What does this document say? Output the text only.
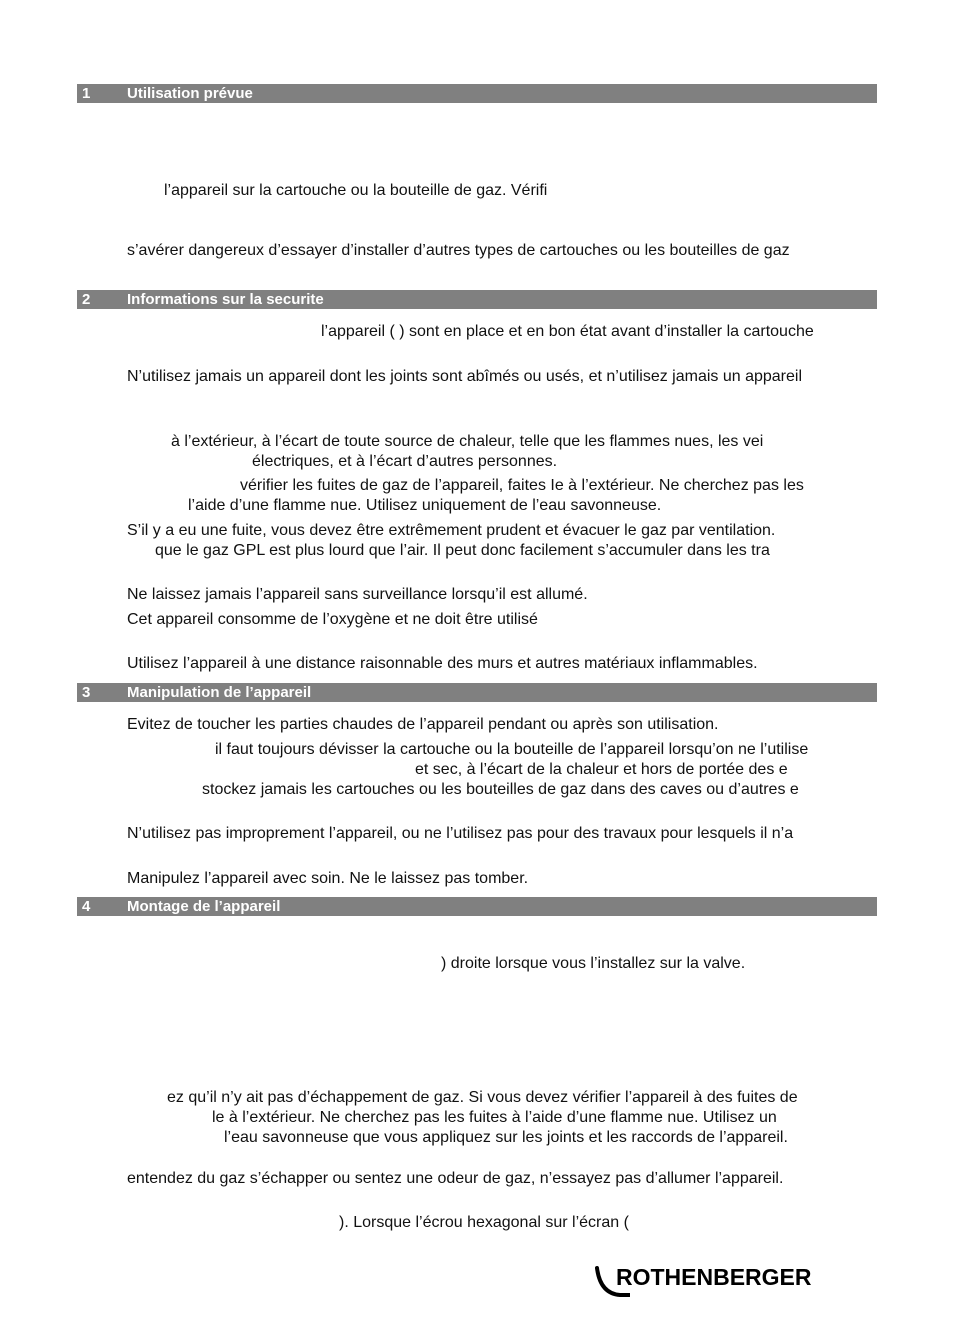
1 Utilisation prévue
2 Informations sur la securite
3 Manipulation de l’appareil
4 Montage de l’appareil
l’appareil sur la cartouche ou la bouteille de gaz. Vérifi
s’avérer dangereux d’essayer d’installer d’autres types de cartouches ou les bouteilles de gaz
l’appareil ( ) sont en place et en bon état avant d’installer la cartouche
N’utilisez jamais un appareil dont les joints sont abîmés ou usés, et n’utilisez jamais un appareil
à l’extérieur, à l’écart de toute source de chaleur, telle que les flammes nues, les vei
électriques, et à l’écart d’autres personnes.
vérifier les fuites de gaz de l’appareil, faites Ie à l’extérieur. Ne cherchez pas les
l’aide d’une flamme nue. Utilisez uniquement de l’eau savonneuse.
S’il y a eu une fuite, vous devez être extrêmement prudent et évacuer le gaz par ventilation.
que le gaz GPL est plus lourd que l’air. Il peut donc facilement s’accumuler dans les tra
Ne laissez jamais l’appareil sans surveillance lorsqu’il est allumé.
Cet appareil consomme de l’oxygène et ne doit être utilisé
Utilisez l’appareil à une distance raisonnable des murs et autres matériaux inflammables.
Evitez de toucher les parties chaudes de l’appareil pendant ou après son utilisation.
il faut toujours dévisser la cartouche ou la bouteille de l’appareil lorsqu’on ne l’utilise
et sec, à l’écart de la chaleur et hors de portée des e
stockez jamais les cartouches ou les bouteilles de gaz dans des caves ou d’autres e
N’utilisez pas improprement l’appareil, ou ne l’utilisez pas pour des travaux pour lesquels il n’a
Manipulez l’appareil avec soin. Ne le laissez pas tomber.
) droite lorsque vous l’installez sur la valve.
ez qu’il n’y ait pas d’échappement de gaz. Si vous devez vérifier l’appareil à des fuites de
le à l’extérieur. Ne cherchez pas les fuites à l’aide d’une flamme nue. Utilisez un
l’eau savonneuse que vous appliquez sur les joints et les raccords de l’appareil.
entendez du gaz s’échapper ou sentez une odeur de gaz, n’essayez pas d’allumer l’appareil.
). Lorsque l’écrou hexagonal sur l’écran (
ROTHENBERGER
